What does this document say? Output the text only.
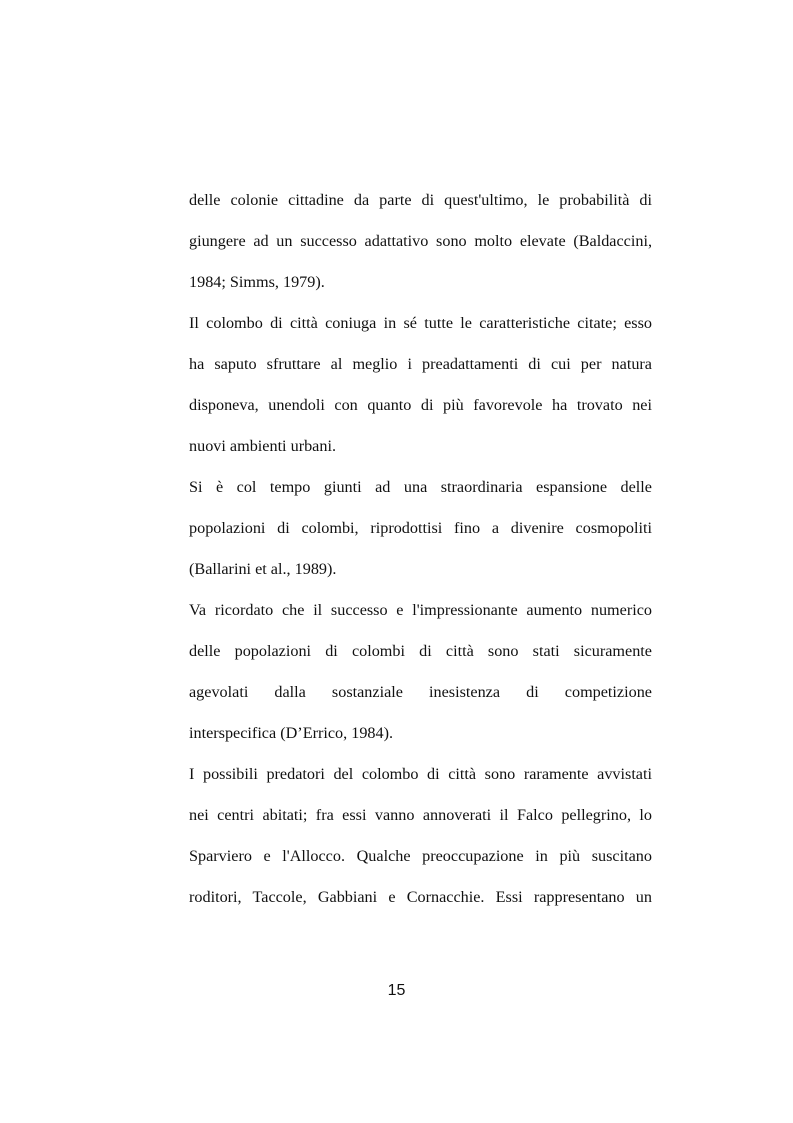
delle colonie cittadine da parte di quest'ultimo, le probabilità di
giungere ad un successo adattativo sono molto elevate (Baldaccini,
1984; Simms, 1979).
Il colombo di città coniuga in sé tutte le caratteristiche citate; esso
ha saputo sfruttare al meglio i preadattamenti di cui per natura
disponeva, unendoli con quanto di più favorevole ha trovato nei
nuovi ambienti urbani.
Si è col tempo giunti ad una straordinaria espansione delle
popolazioni di colombi, riprodottisi fino a divenire cosmopoliti
(Ballarini et al., 1989).
Va ricordato che il successo e l'impressionante aumento numerico
delle popolazioni di colombi di città sono stati sicuramente
agevolati dalla sostanziale inesistenza di competizione
interspecifica (D’Errico, 1984).
I possibili predatori del colombo di città sono raramente avvistati
nei centri abitati; fra essi vanno annoverati il Falco pellegrino, lo
Sparviero e l'Allocco. Qualche preoccupazione in più suscitano
roditori, Taccole, Gabbiani e Cornacchie. Essi rappresentano un
15
